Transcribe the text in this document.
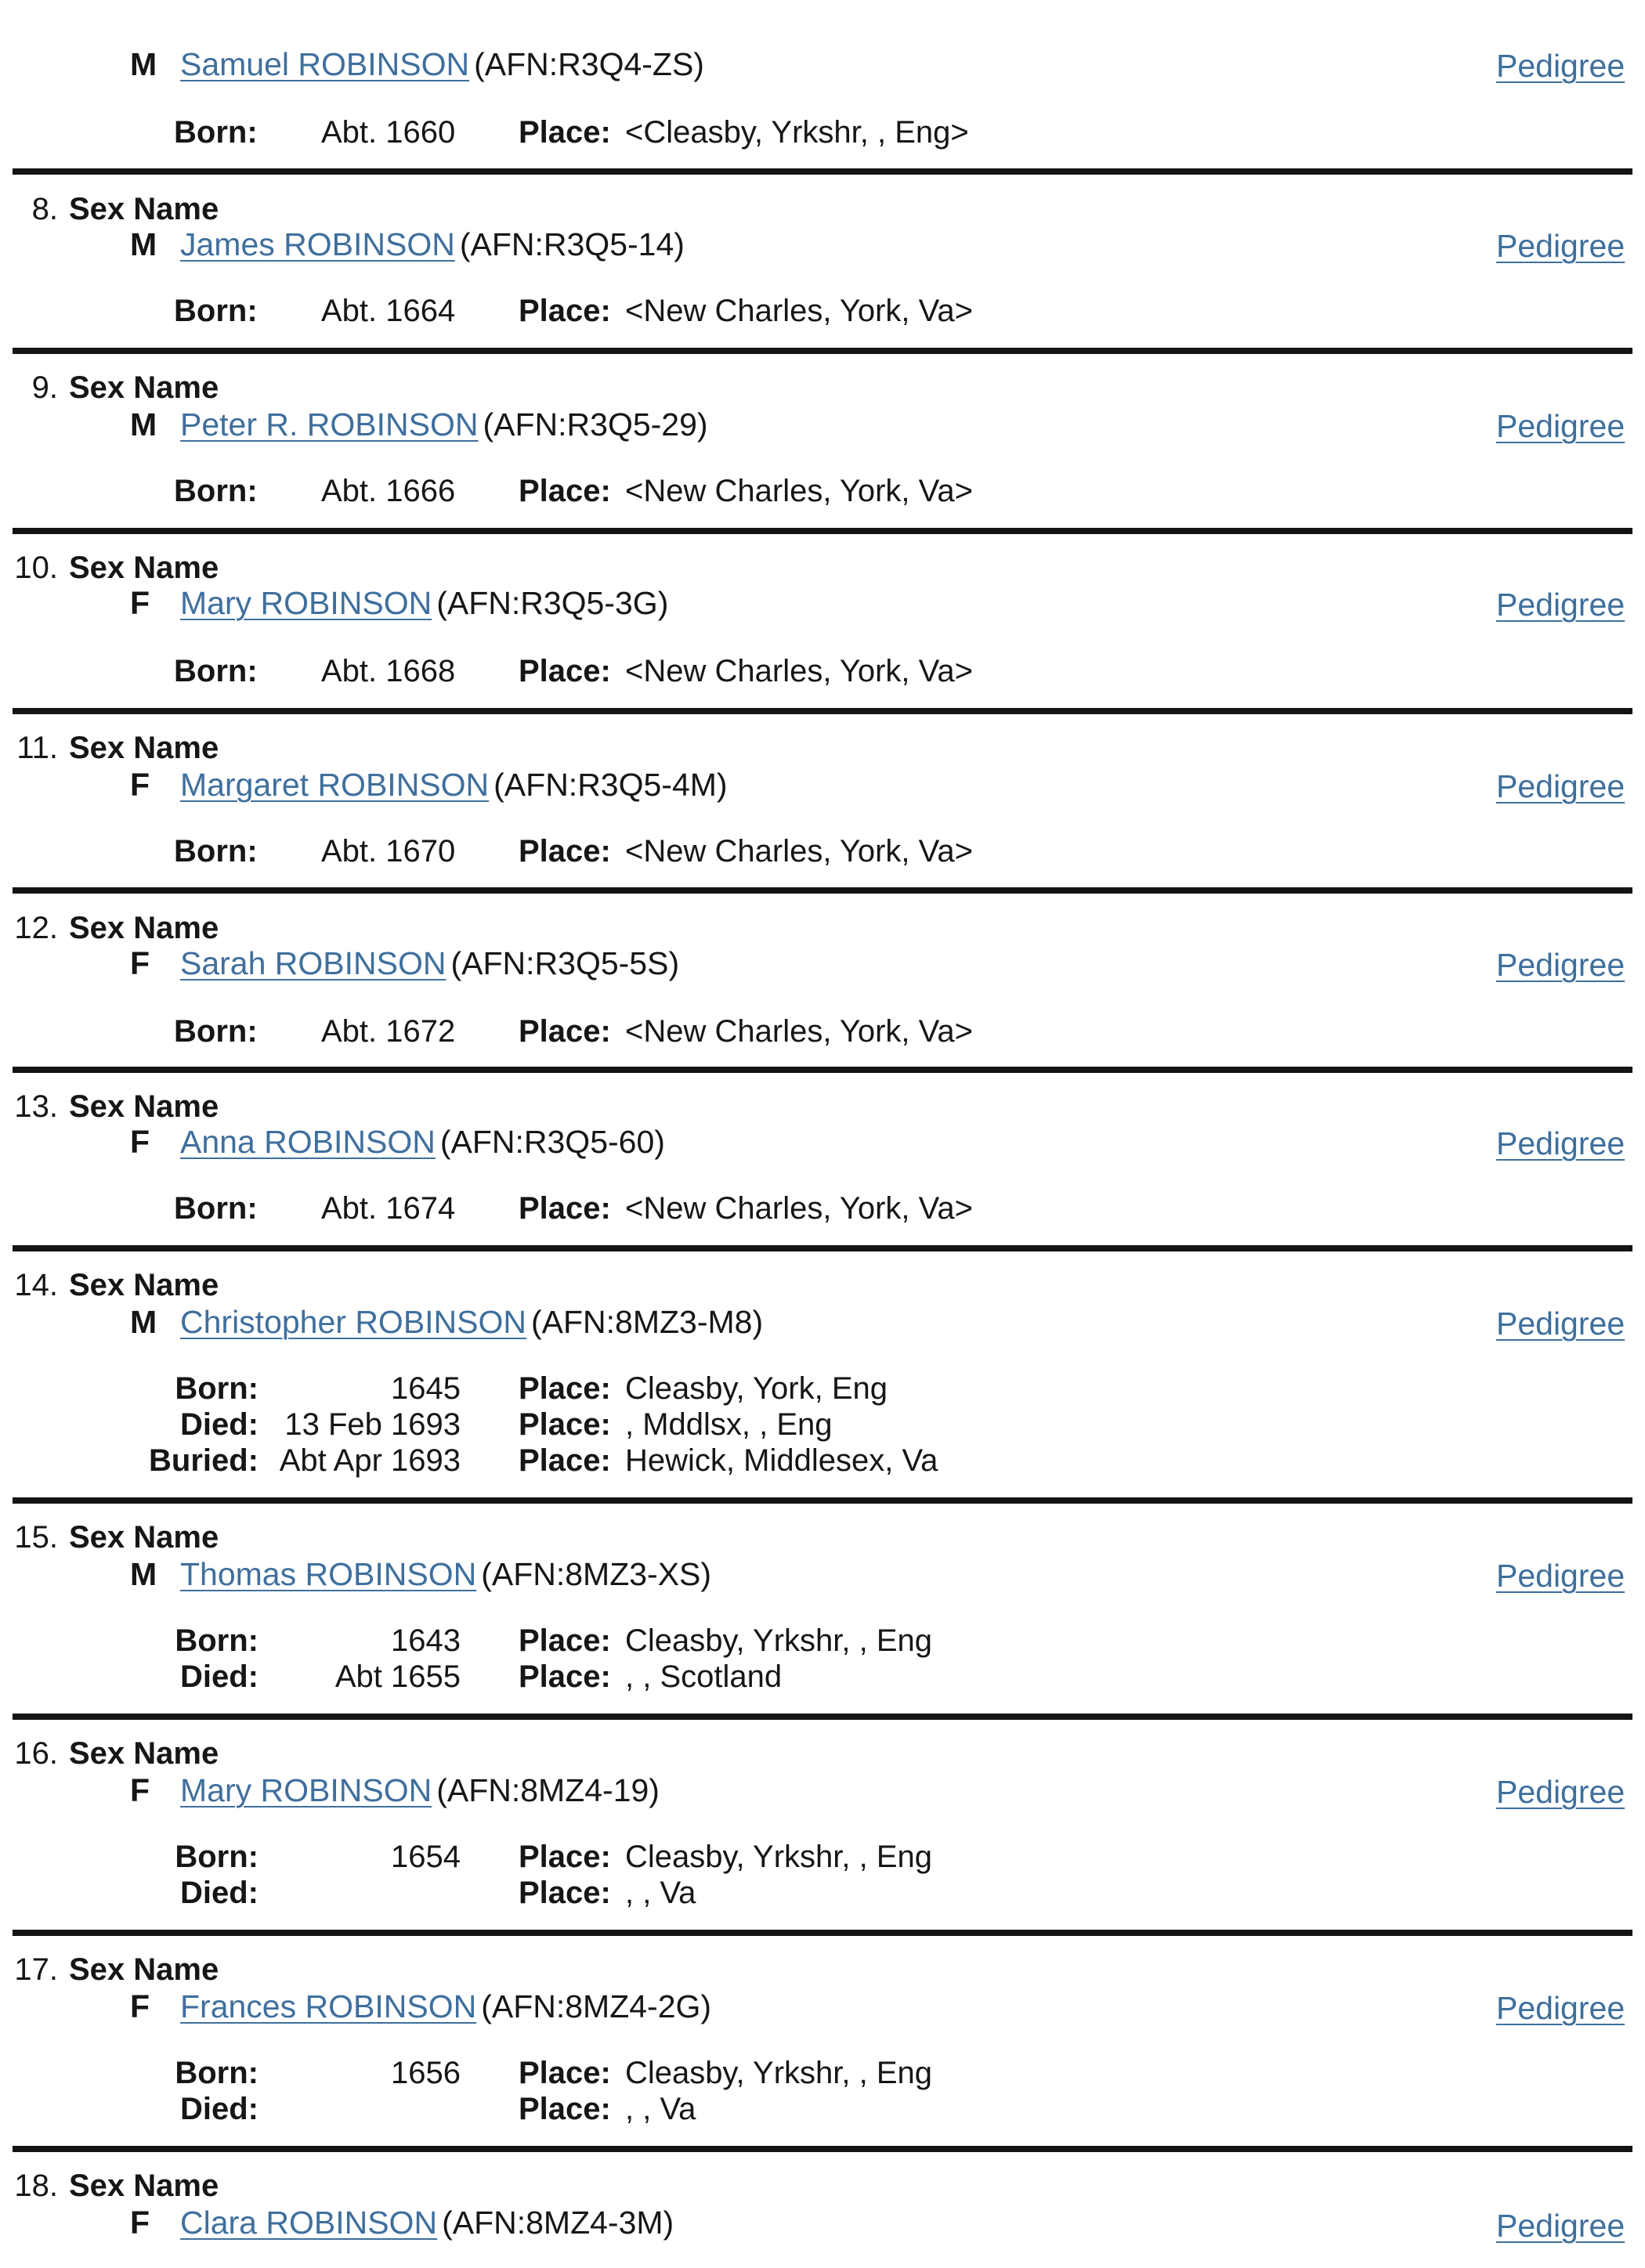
M Samuel ROBINSON (AFN:R3Q4-ZS)	Pedigree
Born: Abt. 1660	Place: <Cleasby, Yrkshr, , Eng>
8. Sex Name
M James ROBINSON (AFN:R3Q5-14)	Pedigree
Born: Abt. 1664	Place: <New Charles, York, Va>
9. Sex Name
M Peter R. ROBINSON (AFN:R3Q5-29)	Pedigree
Born: Abt. 1666	Place: <New Charles, York, Va>
10. Sex Name
F Mary ROBINSON (AFN:R3Q5-3G)	Pedigree
Born: Abt. 1668	Place: <New Charles, York, Va>
11. Sex Name
F Margaret ROBINSON (AFN:R3Q5-4M)	Pedigree
Born: Abt. 1670	Place: <New Charles, York, Va>
12. Sex Name
F Sarah ROBINSON (AFN:R3Q5-5S)	Pedigree
Born: Abt. 1672	Place: <New Charles, York, Va>
13. Sex Name
F Anna ROBINSON (AFN:R3Q5-60)	Pedigree
Born: Abt. 1674	Place: <New Charles, York, Va>
14. Sex Name
M Christopher ROBINSON (AFN:8MZ3-M8)	Pedigree
Born:	1645 Place: Cleasby, York, Eng
Died: 13 Feb 1693 Place: , Mddlsx, , Eng
Buried: Abt Apr 1693 Place: Hewick, Middlesex, Va
15. Sex Name
M Thomas ROBINSON (AFN:8MZ3-XS)	Pedigree
Born:	1643 Place: Cleasby, Yrkshr, , Eng
Died:	Abt 1655 Place: , , Scotland
16. Sex Name
F Mary ROBINSON (AFN:8MZ4-19)	Pedigree
Born:	1654 Place: Cleasby, Yrkshr, , Eng
Died:	Place: , , Va
17. Sex Name
F Frances ROBINSON (AFN:8MZ4-2G)	Pedigree
Born:	1656 Place: Cleasby, Yrkshr, , Eng
Died:	Place: , , Va
18. Sex Name
F Clara ROBINSON (AFN:8MZ4-3M)	Pedigree
